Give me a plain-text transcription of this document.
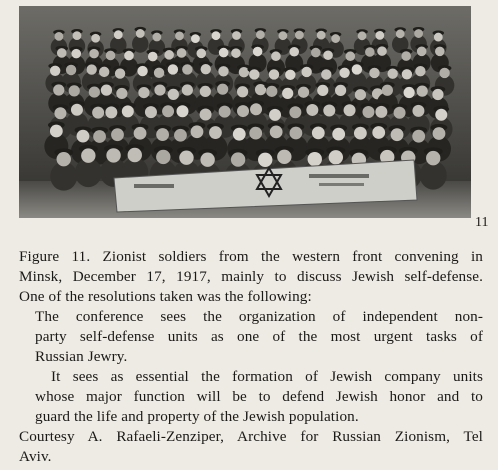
11
Figure 11. Zionist soldiers from the western front convening in
Minsk, December 17, 1917, mainly to discuss Jewish self-defense.
One of the resolutions taken was the following:
The conference sees the organization of independent non-
party self-defense units as one of the most urgent tasks of
Russian Jewry.
It sees as essential the formation of Jewish company units
whose major function will be to defend Jewish honor and to
guard the life and property of the Jewish population.
Courtesy A. Rafaeli-Zenziper, Archive for Russian Zionism, Tel
Aviv.
